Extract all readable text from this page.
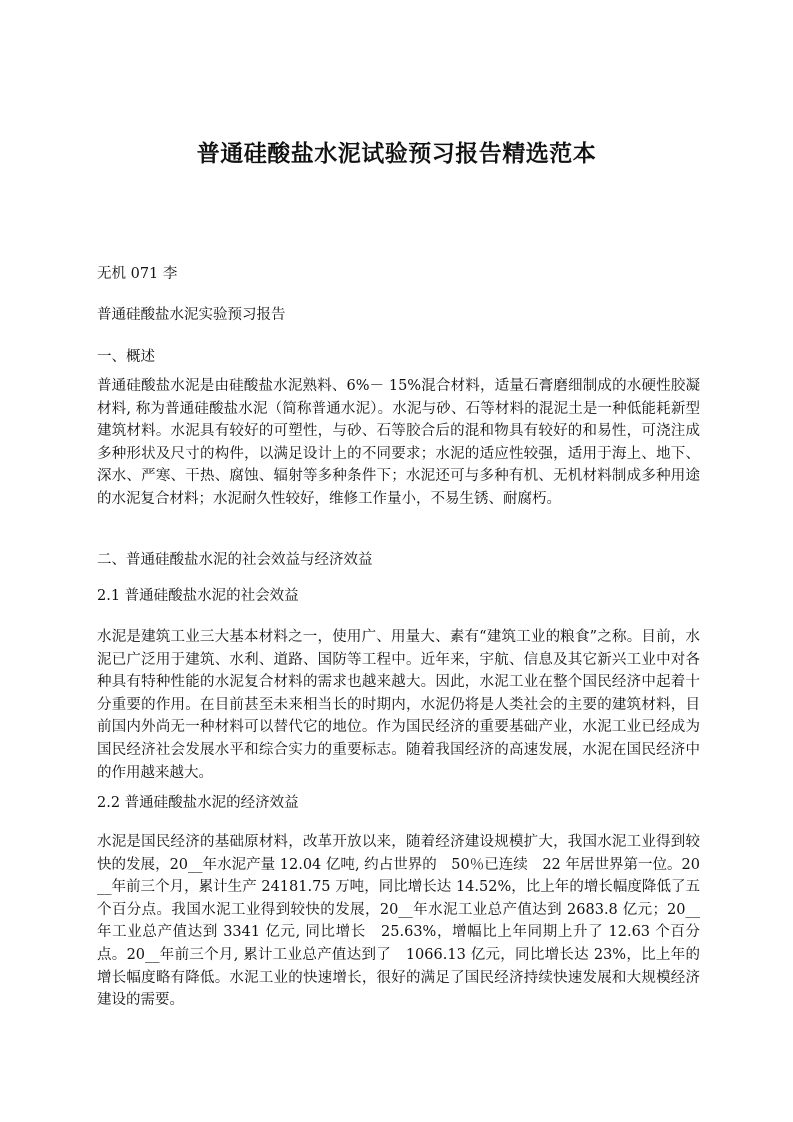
普通硅酸盐水泥试验预习报告精选范本

无机 071 李

普通硅酸盐水泥实验预习报告

一、概述

普通硅酸盐水泥是由硅酸盐水泥熟料、6%－ 15%混合材料，适量石膏磨细制成的水硬性胶凝材料, 称为普通硅酸盐水泥（简称普通水泥）。水泥与砂、石等材料的混泥土是一种低能耗新型建筑材料。水泥具有较好的可塑性，与砂、石等胶合后的混和物具有较好的和易性，可浇注成多种形状及尺寸的构件，以满足设计上的不同要求；水泥的适应性较强，适用于海上、地下、深水、严寒、干热、腐蚀、辐射等多种条件下；水泥还可与多种有机、无机材料制成多种用途的水泥复合材料；水泥耐久性较好，维修工作量小，不易生锈、耐腐朽。

二、普通硅酸盐水泥的社会效益与经济效益

2.1 普通硅酸盐水泥的社会效益

水泥是建筑工业三大基本材料之一，使用广、用量大、素有“建筑工业的粮食”之称。目前，水泥已广泛用于建筑、水利、道路、国防等工程中。近年来，宇航、信息及其它新兴工业中对各种具有特种性能的水泥复合材料的需求也越来越大。因此，水泥工业在整个国民经济中起着十分重要的作用。在目前甚至未来相当长的时期内，水泥仍将是人类社会的主要的建筑材料，目前国内外尚无一种材料可以替代它的地位。作为国民经济的重要基础产业，水泥工业已经成为国民经济社会发展水平和综合实力的重要标志。随着我国经济的高速发展，水泥在国民经济中的作用越来越大。

2.2 普通硅酸盐水泥的经济效益

水泥是国民经济的基础原材料，改革开放以来，随着经济建设规模扩大，我国水泥工业得到较快的发展，20__年水泥产量 12.04 亿吨, 约占世界的　50％已连续　22 年居世界第一位。20__年前三个月，累计生产 24181.75 万吨，同比增长达 14.52%，比上年的增长幅度降低了五个百分点。我国水泥工业得到较快的发展，20__年水泥工业总产值达到 2683.8 亿元；20__年工业总产值达到 3341 亿元, 同比增长　25.63%，增幅比上年同期上升了 12.63 个百分点。20__年前三个月, 累计工业总产值达到了　1066.13 亿元，同比增长达 23%，比上年的增长幅度略有降低。水泥工业的快速增长，很好的满足了国民经济持续快速发展和大规模经济建设的需要。
